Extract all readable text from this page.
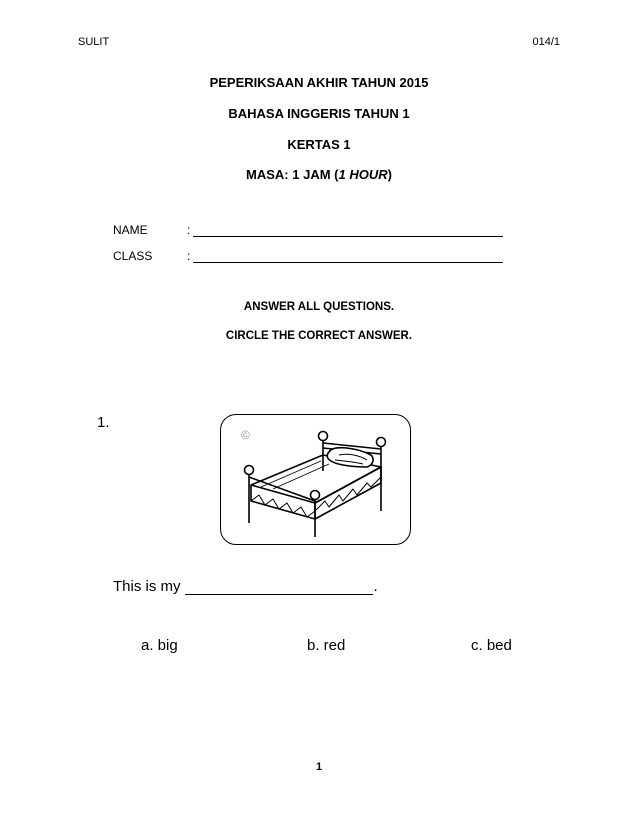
SULIT	014/1
PEPERIKSAAN AKHIR TAHUN 2015
BAHASA INGGERIS TAHUN 1
KERTAS 1
MASA: 1 JAM (1 HOUR)
NAME	:
CLASS	:
ANSWER ALL QUESTIONS.
CIRCLE THE CORRECT ANSWER.
1.
©
This is my	.
a. big	b. red	c. bed
1
